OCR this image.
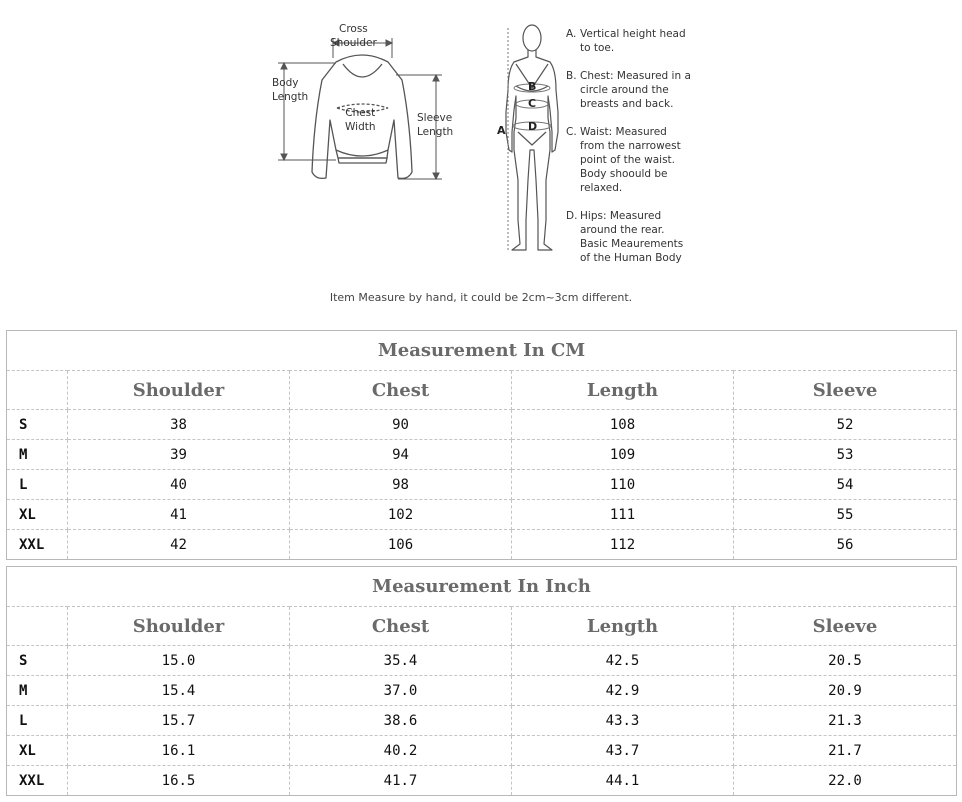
Cross
Shoulder
Body
Length
Chest
Width
Sleeve
Length	A
B
C
D
A. Vertical height head
to toe.
B. Chest: Measured in a
circle around the
breasts and back.
C. Waist: Measured
from the narrowest
point of the waist.
Body shoould be
relaxed.
D. Hips: Measured
around the rear.
Basic Meaurements
of the Human Body
Item Measure by hand, it could be 2cm~3cm different.
Measurement In CM				
	Shoulder	Chest	Length	Sleeve
S	38	90	108	52
M	39	94	109	53
L	40	98	110	54
XL	41	102	111	55
XXL	42	106	112	56
Measurement In Inch				
	Shoulder	Chest	Length	Sleeve
S	15.0	35.4	42.5	20.5
M	15.4	37.0	42.9	20.9
L	15.7	38.6	43.3	21.3
XL	16.1	40.2	43.7	21.7
XXL	16.5	41.7	44.1	22.0
